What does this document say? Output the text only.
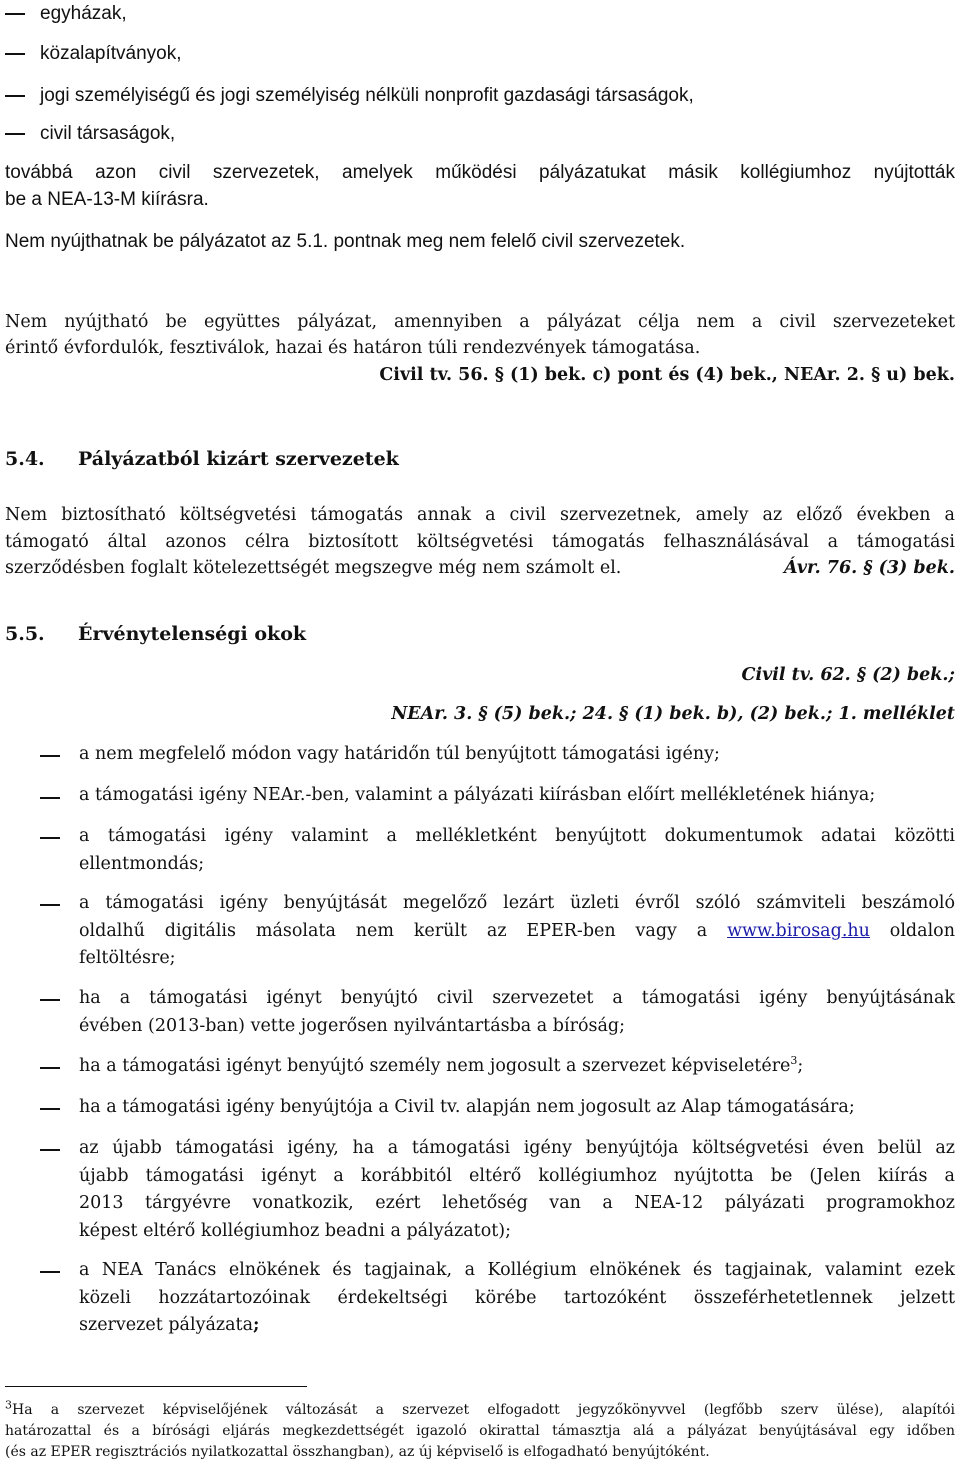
egyházak,
közalapítványok,
jogi személyiségű és jogi személyiség nélküli nonprofit gazdasági társaságok,
civil társaságok,
továbbá azon civil szervezetek, amelyek működési pályázatukat másik kollégiumhoz nyújtották
be a NEA-13-M kiírásra.
Nem nyújthatnak be pályázatot az 5.1. pontnak meg nem felelő civil szervezetek.
Nem nyújtható be együttes pályázat, amennyiben a pályázat célja nem a civil szervezeteket
érintő évfordulók, fesztiválok, hazai és határon túli rendezvények támogatása.
Civil tv. 56. § (1) bek. c) pont és (4) bek., NEAr. 2. § u) bek.
5.4. Pályázatból kizárt szervezetek
Nem biztosítható költségvetési támogatás annak a civil szervezetnek, amely az előző években a
támogató által azonos célra biztosított költségvetési támogatás felhasználásával a támogatási
szerződésben foglalt kötelezettségét megszegve még nem számolt el.	Ávr. 76. § (3) bek.
5.5. Érvénytelenségi okok
Civil tv. 62. § (2) bek.;
NEAr. 3. § (5) bek.; 24. § (1) bek. b), (2) bek.; 1. melléklet
a nem megfelelő módon vagy határidőn túl benyújtott támogatási igény;
a támogatási igény NEAr.-ben, valamint a pályázati kiírásban előírt mellékletének hiánya;
a támogatási igény valamint a mellékletként benyújtott dokumentumok adatai közötti
ellentmondás;
a támogatási igény benyújtását megelőző lezárt üzleti évről szóló számviteli beszámoló
oldalhű digitális másolata nem került az EPER-ben vagy a www.birosag.hu oldalon
feltöltésre;
ha a támogatási igényt benyújtó civil szervezetet a támogatási igény benyújtásának
évében (2013-ban) vette jogerősen nyilvántartásba a bíróság;
ha a támogatási igényt benyújtó személy nem jogosult a szervezet képviseletére$^3$;
ha a támogatási igény benyújtója a Civil tv. alapján nem jogosult az Alap támogatására;
az újabb támogatási igény, ha a támogatási igény benyújtója költségvetési éven belül az
újabb támogatási igényt a korábbitól eltérő kollégiumhoz nyújtotta be (Jelen kiírás a
2013 tárgyévre vonatkozik, ezért lehetőség van a NEA-12 pályázati programokhoz
képest eltérő kollégiumhoz beadni a pályázatot);
a NEA Tanács elnökének és tagjainak, a Kollégium elnökének és tagjainak, valamint ezek
közeli hozzátartozóinak érdekeltségi körébe tartozóként összeférhetetlennek jelzett
szervezet pályázata;
$^3$Ha a szervezet képviselőjének változását a szervezet elfogadott jegyzőkönyvvel (legfőbb szerv ülése), alapítói
határozattal és a bírósági eljárás megkezdettségét igazoló okirattal támasztja alá a pályázat benyújtásával egy időben
(és az EPER regisztrációs nyilatkozattal összhangban), az új képviselő is elfogadható benyújtóként.
